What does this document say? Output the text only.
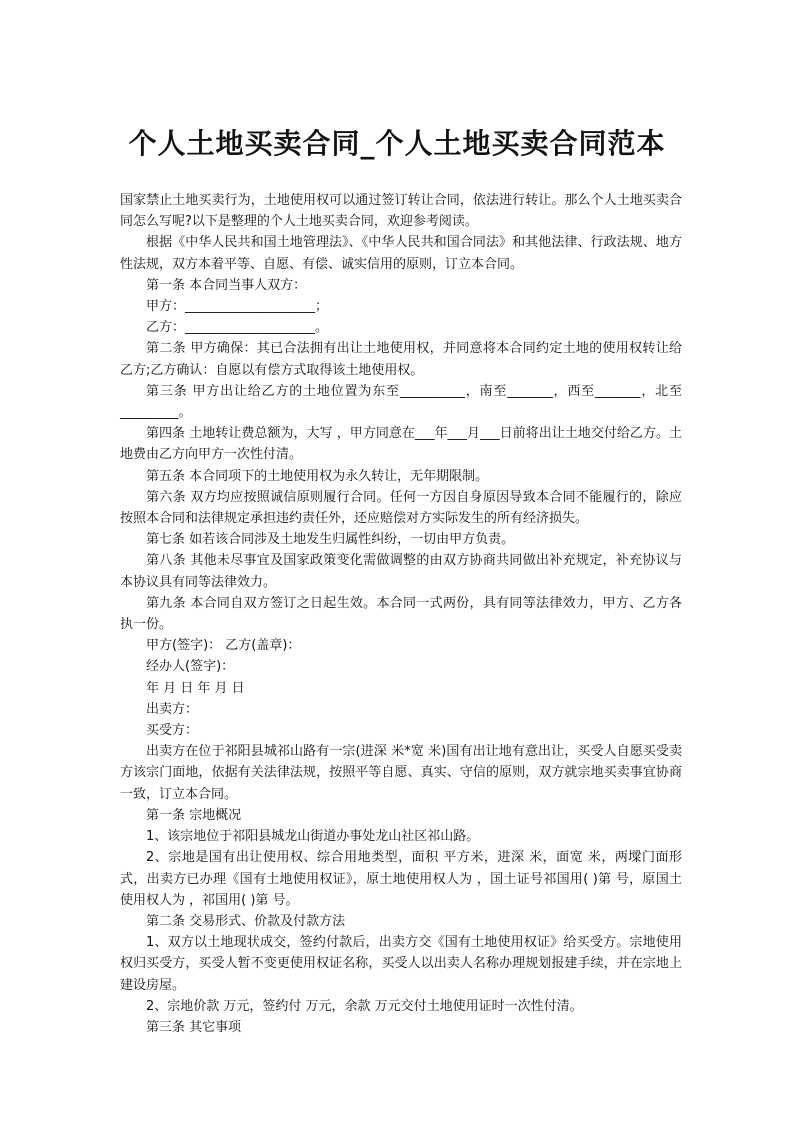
个人土地买卖合同_个人土地买卖合同范本

国家禁止土地买卖行为，土地使用权可以通过签订转让合同，依法进行转让。那么个人土地买卖合同怎么写呢?以下是整理的个人土地买卖合同，欢迎参考阅读。

根据《中华人民共和国土地管理法》、《中华人民共和国合同法》和其他法律、行政法规、地方性法规，双方本着平等、自愿、有偿、诚实信用的原则，订立本合同。

第一条 本合同当事人双方：

甲方：____________________；

乙方：____________________。

第二条 甲方确保：其已合法拥有出让土地使用权，并同意将本合同约定土地的使用权转让给乙方;乙方确认：自愿以有偿方式取得该土地使用权。

第三条 甲方出让给乙方的土地位置为东至__________，南至_______，西至_______，北至_________。

第四条 土地转让费总额为，大写 ，甲方同意在___年___月___日前将出让土地交付给乙方。土地费由乙方向甲方一次性付清。

第五条 本合同项下的土地使用权为永久转让，无年期限制。

第六条 双方均应按照诚信原则履行合同。任何一方因自身原因导致本合同不能履行的，除应按照本合同和法律规定承担违约责任外，还应赔偿对方实际发生的所有经济损失。

第七条 如若该合同涉及土地发生归属性纠纷，一切由甲方负责。

第八条 其他未尽事宜及国家政策变化需做调整的由双方协商共同做出补充规定，补充协议与本协议具有同等法律效力。

第九条 本合同自双方签订之日起生效。本合同一式两份，具有同等法律效力，甲方、乙方各执一份。

甲方(签字)： 乙方(盖章)：

经办人(签字)：

年 月 日 年 月 日

出卖方：

买受方：

出卖方在位于祁阳县城祁山路有一宗(进深 米*宽 米)国有出让地有意出让，买受人自愿买受卖方该宗门面地，依据有关法律法规，按照平等自愿、真实、守信的原则，双方就宗地买卖事宜协商一致，订立本合同。

第一条 宗地概况

1、该宗地位于祁阳县城龙山街道办事处龙山社区祁山路。

2、宗地是国有出让使用权、综合用地类型，面积 平方米，进深 米，面宽 米，两墚门面形式，出卖方已办理《国有土地使用权证》，原土地使用权人为 ，国土证号祁国用( )第 号，原国土使用权人为 ，祁国用( )第 号。

第二条 交易形式、价款及付款方法

1、双方以土地现状成交，签约付款后，出卖方交《国有土地使用权证》给买受方。宗地使用权归买受方，买受人暂不变更使用权证名称，买受人以出卖人名称办理规划报建手续，并在宗地上建设房屋。

2、宗地价款 万元，签约付 万元，余款 万元交付土地使用证时一次性付清。

第三条 其它事项
